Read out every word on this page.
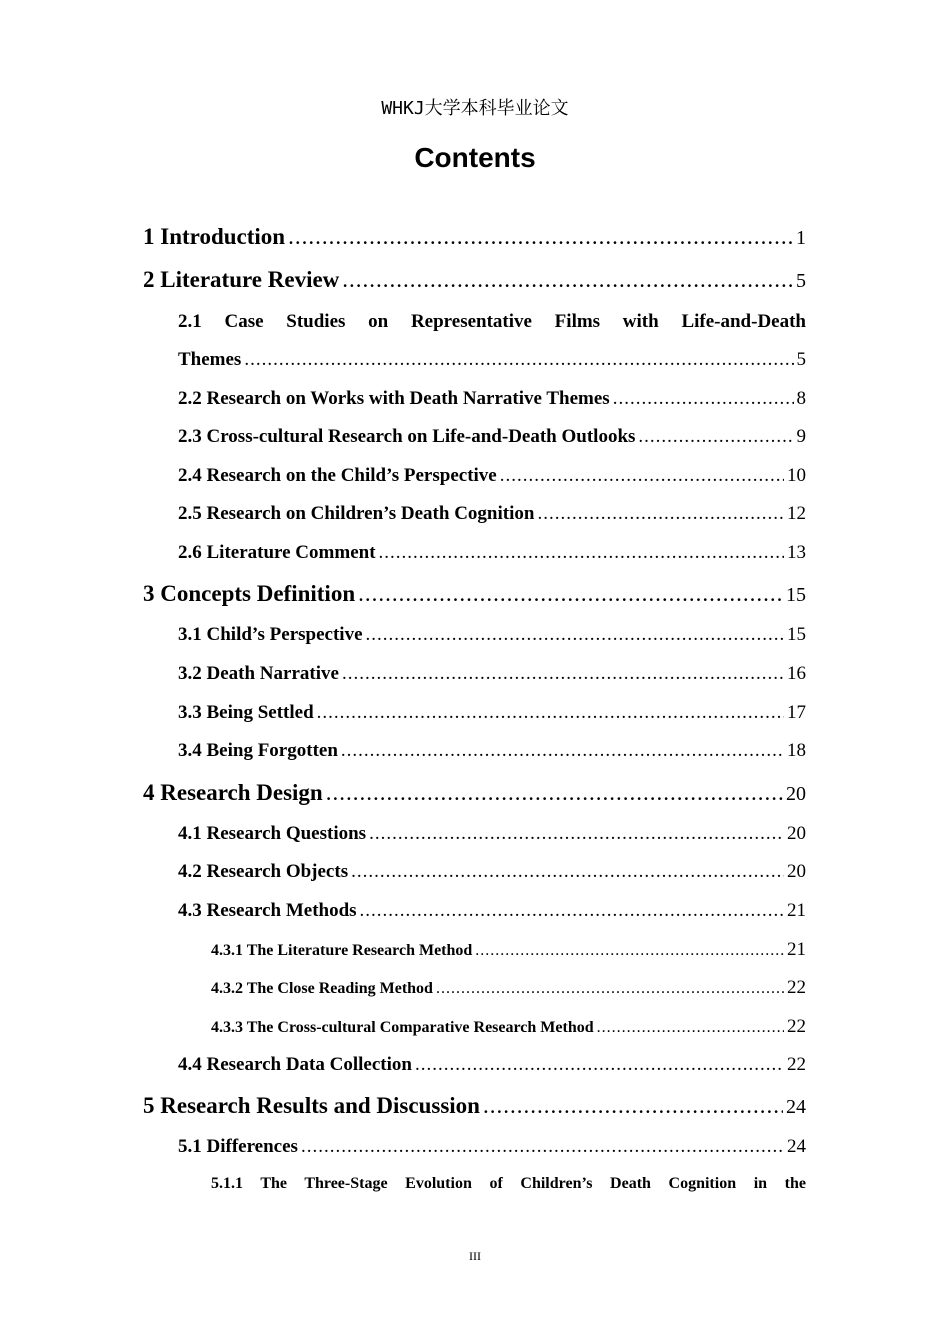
WHKJ大学本科毕业论文
Contents
1 Introduction .....	1
2 Literature Review .....	5
2.1 Case Studies on Representative Films with Life-and-Death
Themes .....	5
2.2 Research on Works with Death Narrative Themes .....	8
2.3 Cross-cultural Research on Life-and-Death Outlooks .....	9
2.4 Research on the Child’s Perspective .....	10
2.5 Research on Children’s Death Cognition .....	12
2.6 Literature Comment .....	13
3 Concepts Definition .....	15
3.1 Child’s Perspective .....	15
3.2 Death Narrative .....	16
3.3 Being Settled .....	17
3.4 Being Forgotten .....	18
4 Research Design .....	20
4.1 Research Questions .....	20
4.2 Research Objects .....	20
4.3 Research Methods .....	21
4.3.1 The Literature Research Method .....	21
4.3.2 The Close Reading Method .....	22
4.3.3 The Cross-cultural Comparative Research Method .....	22
4.4 Research Data Collection .....	22
5 Research Results and Discussion .....	24
5.1 Differences .....	24
5.1.1 The Three-Stage Evolution of Children’s Death Cognition in the
III
